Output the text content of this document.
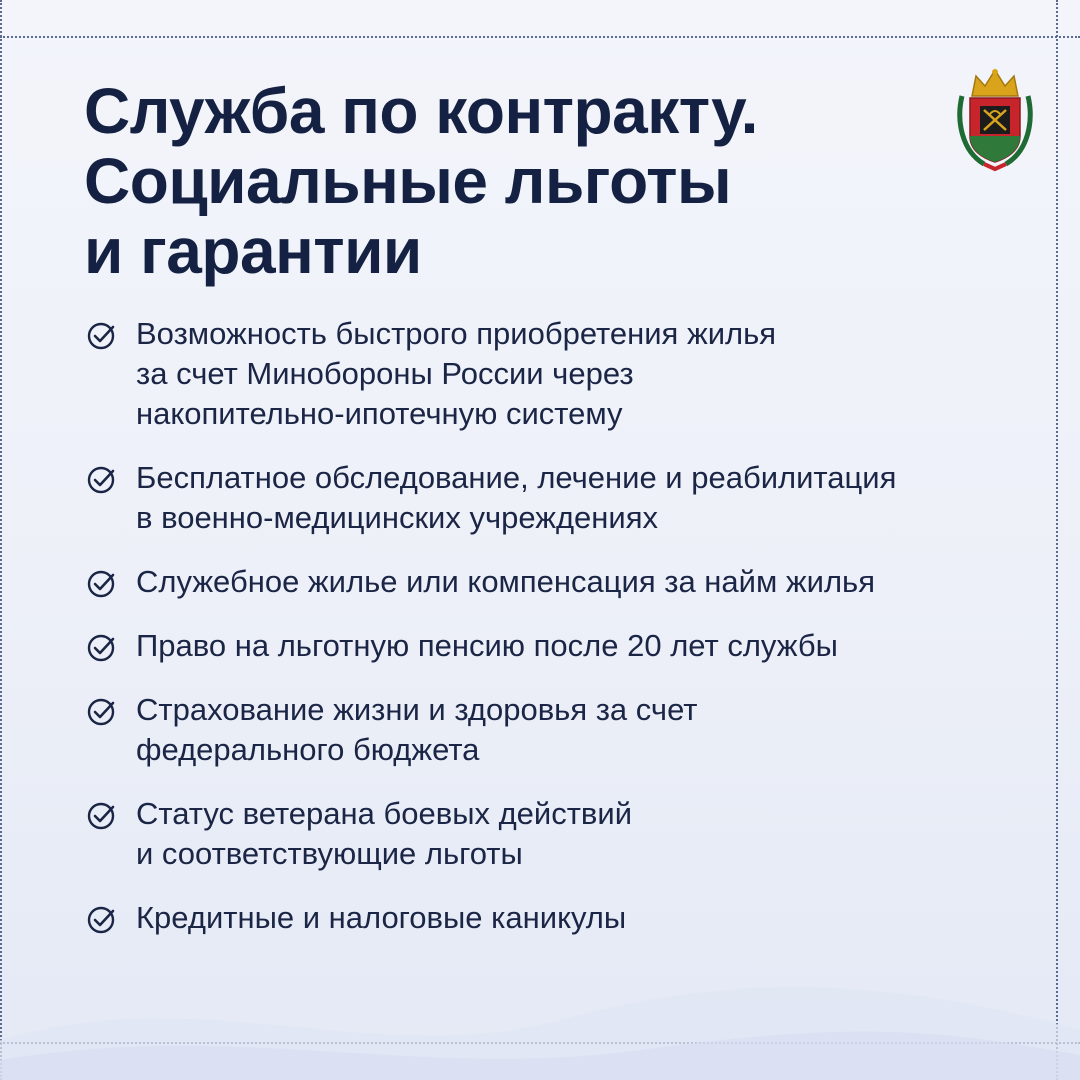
Служба по контракту.
Социальные льготы
и гарантии
Возможность быстрого приобретения жилья
за счет Минобороны России через
накопительно-ипотечную систему
Бесплатное обследование, лечение и реабилитация
в военно-медицинских учреждениях
Служебное жилье или компенсация за найм жилья
Право на льготную пенсию после 20 лет службы
Страхование жизни и здоровья за счет
федерального бюджета
Статус ветерана боевых действий
и соответствующие льготы
Кредитные и налоговые каникулы
